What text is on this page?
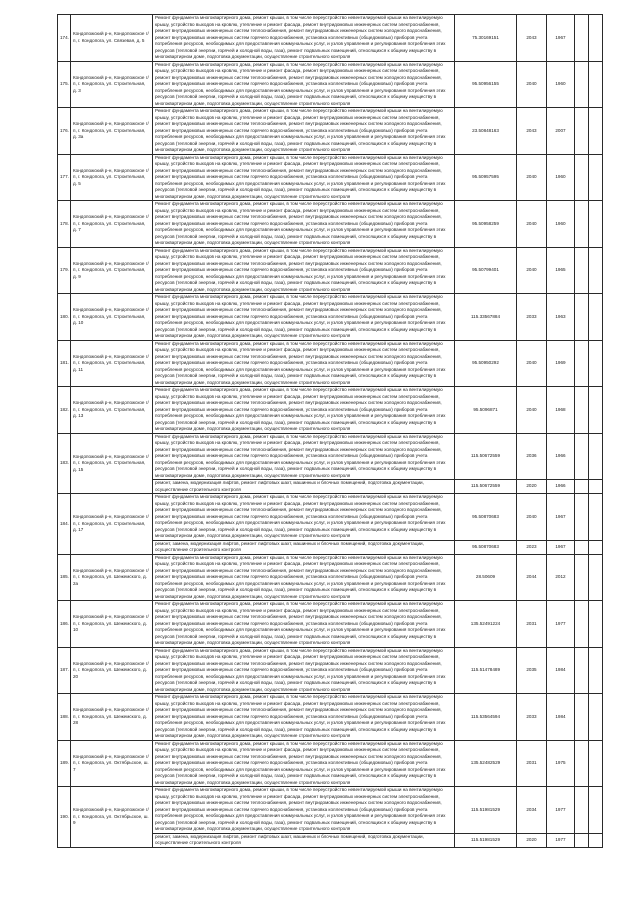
174.	Кондопожский р-н, Кондопожское г/п, г. Кондопога, ул. Связевая, д. 5	Ремонт фундамента многоквартирного дома, ремонт крыши, в том числе переустройство невентилируемой крыши на вентилируемую крышу, устройство выходов на кровлю, утепление и ремонт фасада, ремонт внутридомовых инженерных систем электроснабжения, ремонт внутридомовых инженерных систем теплоснабжения, ремонт внутридомовых инженерных систем холодного водоснабжения, ремонт внутридомовых инженерных систем горячего водоснабжения, установка коллективных (общедомовых) приборов учета потребления ресурсов, необходимых для предоставления коммунальных услуг, и узлов управления и регулирования потребления этих ресурсов (тепловой энергии, горячей и холодной воды, газа), ремонт подвальных помещений, относящихся к общему имуществу в многоквартирном доме, подготовка документации, осуществление строительного контроля	75.30169151	2043	1967		
175.	Кондопожский р-н, Кондопожское г/п, г. Кондопога, ул. Строительная, д. 3	Ремонт фундамента многоквартирного дома, ремонт крыши, в том числе переустройство невентилируемой крыши на вентилируемую крышу, устройство выходов на кровлю, утепление и ремонт фасада, ремонт внутридомовых инженерных систем электроснабжения, ремонт внутридомовых инженерных систем теплоснабжения, ремонт внутридомовых инженерных систем холодного водоснабжения, ремонт внутридомовых инженерных систем горячего водоснабжения, установка коллективных (общедомовых) приборов учета потребления ресурсов, необходимых для предоставления коммунальных услуг, и узлов управления и регулирования потребления этих ресурсов (тепловой энергии, горячей и холодной воды, газа), ремонт подвальных помещений, относящихся к общему имуществу в многоквартирном доме, подготовка документации, осуществление строительного контроля	95.50956155	2040	1960		
176.	Кондопожский р-н, Кондопожское г/п, г. Кондопога, ул. Строительная, д. 3а	Ремонт фундамента многоквартирного дома, ремонт крыши, в том числе переустройство невентилируемой крыши на вентилируемую крышу, устройство выходов на кровлю, утепление и ремонт фасада, ремонт внутридомовых инженерных систем электроснабжения, ремонт внутридомовых инженерных систем теплоснабжения, ремонт внутридомовых инженерных систем холодного водоснабжения, ремонт внутридомовых инженерных систем горячего водоснабжения, установка коллективных (общедомовых) приборов учета потребления ресурсов, необходимых для предоставления коммунальных услуг, и узлов управления и регулирования потребления этих ресурсов (тепловой энергии, горячей и холодной воды, газа), ремонт подвальных помещений, относящихся к общему имуществу в многоквартирном доме, подготовка документации, осуществление строительного контроля	23.50848163	2043	2007		
177.	Кондопожский р-н, Кондопожское г/п, г. Кондопога, ул. Строительная, д. 5	Ремонт фундамента многоквартирного дома, ремонт крыши, в том числе переустройство невентилируемой крыши на вентилируемую крышу, устройство выходов на кровлю, утепление и ремонт фасада, ремонт внутридомовых инженерных систем электроснабжения, ремонт внутридомовых инженерных систем теплоснабжения, ремонт внутридомовых инженерных систем холодного водоснабжения, ремонт внутридомовых инженерных систем горячего водоснабжения, установка коллективных (общедомовых) приборов учета потребления ресурсов, необходимых для предоставления коммунальных услуг, и узлов управления и регулирования потребления этих ресурсов (тепловой энергии, горячей и холодной воды, газа), ремонт подвальных помещений, относящихся к общему имуществу в многоквартирном доме, подготовка документации, осуществление строительного контроля	95.50957595	2040	1960		
178.	Кондопожский р-н, Кондопожское г/п, г. Кондопога, ул. Строительная, д. 7	Ремонт фундамента многоквартирного дома, ремонт крыши, в том числе переустройство невентилируемой крыши на вентилируемую крышу, устройство выходов на кровлю, утепление и ремонт фасада, ремонт внутридомовых инженерных систем электроснабжения, ремонт внутридомовых инженерных систем теплоснабжения, ремонт внутридомовых инженерных систем холодного водоснабжения, ремонт внутридомовых инженерных систем горячего водоснабжения, установка коллективных (общедомовых) приборов учета потребления ресурсов, необходимых для предоставления коммунальных услуг, и узлов управления и регулирования потребления этих ресурсов (тепловой энергии, горячей и холодной воды, газа), ремонт подвальных помещений, относящихся к общему имуществу в многоквартирном доме, подготовка документации, осуществление строительного контроля	95.50958259	2040	1960		
179.	Кондопожский р-н, Кондопожское г/п, г. Кондопога, ул. Строительная, д. 9	Ремонт фундамента многоквартирного дома, ремонт крыши, в том числе переустройство невентилируемой крыши на вентилируемую крышу, устройство выходов на кровлю, утепление и ремонт фасада, ремонт внутридомовых инженерных систем электроснабжения, ремонт внутридомовых инженерных систем теплоснабжения, ремонт внутридомовых инженерных систем холодного водоснабжения, ремонт внутридомовых инженерных систем горячего водоснабжения, установка коллективных (общедомовых) приборов учета потребления ресурсов, необходимых для предоставления коммунальных услуг, и узлов управления и регулирования потребления этих ресурсов (тепловой энергии, горячей и холодной воды, газа), ремонт подвальных помещений, относящихся к общему имуществу в многоквартирном доме, подготовка документации, осуществление строительного контроля	95.50799401	2040	1965		
180.	Кондопожский р-н, Кондопожское г/п, г. Кондопога, ул. Строительная, д. 10	Ремонт фундамента многоквартирного дома, ремонт крыши, в том числе переустройство невентилируемой крыши на вентилируемую крышу, устройство выходов на кровлю, утепление и ремонт фасада, ремонт внутридомовых инженерных систем электроснабжения, ремонт внутридомовых инженерных систем теплоснабжения, ремонт внутридомовых инженерных систем холодного водоснабжения, ремонт внутридомовых инженерных систем горячего водоснабжения, установка коллективных (общедомовых) приборов учета потребления ресурсов, необходимых для предоставления коммунальных услуг, и узлов управления и регулирования потребления этих ресурсов (тепловой энергии, горячей и холодной воды, газа), ремонт подвальных помещений, относящихся к общему имуществу в многоквартирном доме, подготовка документации, осуществление строительного контроля	115.33567884	2033	1963		
181.	Кондопожский р-н, Кондопожское г/п, г. Кондопога, ул. Строительная, д. 11	Ремонт фундамента многоквартирного дома, ремонт крыши, в том числе переустройство невентилируемой крыши на вентилируемую крышу, устройство выходов на кровлю, утепление и ремонт фасада, ремонт внутридомовых инженерных систем электроснабжения, ремонт внутридомовых инженерных систем теплоснабжения, ремонт внутридомовых инженерных систем холодного водоснабжения, ремонт внутридомовых инженерных систем горячего водоснабжения, установка коллективных (общедомовых) приборов учета потребления ресурсов, необходимых для предоставления коммунальных услуг, и узлов управления и регулирования потребления этих ресурсов (тепловой энергии, горячей и холодной воды, газа), ремонт подвальных помещений, относящихся к общему имуществу в многоквартирном доме, подготовка документации, осуществление строительного контроля	95.50950292	2040	1969		
182.	Кондопожский р-н, Кондопожское г/п, г. Кондопога, ул. Строительная, д. 13	Ремонт фундамента многоквартирного дома, ремонт крыши, в том числе переустройство невентилируемой крыши на вентилируемую крышу, устройство выходов на кровлю, утепление и ремонт фасада, ремонт внутридомовых инженерных систем электроснабжения, ремонт внутридомовых инженерных систем теплоснабжения, ремонт внутридомовых инженерных систем холодного водоснабжения, ремонт внутридомовых инженерных систем горячего водоснабжения, установка коллективных (общедомовых) приборов учета потребления ресурсов, необходимых для предоставления коммунальных услуг, и узлов управления и регулирования потребления этих ресурсов (тепловой энергии, горячей и холодной воды, газа), ремонт подвальных помещений, относящихся к общему имуществу в многоквартирном доме, подготовка документации, осуществление строительного контроля	95.5096871	2040	1968		
183.	Кондопожский р-н, Кондопожское г/п, г. Кондопога, ул. Строительная, д. 15	Ремонт фундамента многоквартирного дома, ремонт крыши, в том числе переустройство невентилируемой крыши на вентилируемую крышу, устройство выходов на кровлю, утепление и ремонт фасада, ремонт внутридомовых инженерных систем электроснабжения, ремонт внутридомовых инженерных систем теплоснабжения, ремонт внутридомовых инженерных систем холодного водоснабжения, ремонт внутридомовых инженерных систем горячего водоснабжения, установка коллективных (общедомовых) приборов учета потребления ресурсов, необходимых для предоставления коммунальных услуг, и узлов управления и регулирования потребления этих ресурсов (тепловой энергии, горячей и холодной воды, газа), ремонт подвальных помещений, относящихся к общему имуществу в многоквартирном доме, подготовка документации, осуществление строительного контроля	115.50672559	2036	1966		
		ремонт, замена, модернизация лифтов, ремонт лифтовых шахт, машинных и блочных помещений, подготовка документации, осуществление строительного контроля	115.50672559	2020	1966		
184.	Кондопожский р-н, Кондопожское г/п, г. Кондопога, ул. Строительная, д. 17	Ремонт фундамента многоквартирного дома, ремонт крыши, в том числе переустройство невентилируемой крыши на вентилируемую крышу, устройство выходов на кровлю, утепление и ремонт фасада, ремонт внутридомовых инженерных систем электроснабжения, ремонт внутридомовых инженерных систем теплоснабжения, ремонт внутридомовых инженерных систем холодного водоснабжения, ремонт внутридомовых инженерных систем горячего водоснабжения, установка коллективных (общедомовых) приборов учета потребления ресурсов, необходимых для предоставления коммунальных услуг, и узлов управления и регулирования потребления этих ресурсов (тепловой энергии, горячей и холодной воды, газа), ремонт подвальных помещений, относящихся к общему имуществу в многоквартирном доме, подготовка документации, осуществление строительного контроля	95.50870683	2040	1967		
		ремонт, замена, модернизация лифтов, ремонт лифтовых шахт, машинных и блочных помещений, подготовка документации, осуществление строительного контроля	95.50870683	2023	1967		
185.	Кондопожский р-н, Кондопожское г/п, г. Кондопога, ул. Шежемского, д. 2а	Ремонт фундамента многоквартирного дома, ремонт крыши, в том числе переустройство невентилируемой крыши на вентилируемую крышу, устройство выходов на кровлю, утепление и ремонт фасада, ремонт внутридомовых инженерных систем электроснабжения, ремонт внутридомовых инженерных систем теплоснабжения, ремонт внутридомовых инженерных систем холодного водоснабжения, ремонт внутридомовых инженерных систем горячего водоснабжения, установка коллективных (общедомовых) приборов учета потребления ресурсов, необходимых для предоставления коммунальных услуг, и узлов управления и регулирования потребления этих ресурсов (тепловой энергии, горячей и холодной воды, газа), ремонт подвальных помещений, относящихся к общему имуществу в многоквартирном доме, подготовка документации, осуществление строительного контроля	28.50609	2044	2012		
186.	Кондопожский р-н, Кондопожское г/п, г. Кондопога, ул. Шежемского, д. 10	Ремонт фундамента многоквартирного дома, ремонт крыши, в том числе переустройство невентилируемой крыши на вентилируемую крышу, устройство выходов на кровлю, утепление и ремонт фасада, ремонт внутридомовых инженерных систем электроснабжения, ремонт внутридомовых инженерных систем теплоснабжения, ремонт внутридомовых инженерных систем холодного водоснабжения, ремонт внутридомовых инженерных систем горячего водоснабжения, установка коллективных (общедомовых) приборов учета потребления ресурсов, необходимых для предоставления коммунальных услуг, и узлов управления и регулирования потребления этих ресурсов (тепловой энергии, горячей и холодной воды, газа), ремонт подвальных помещений, относящихся к общему имуществу в многоквартирном доме, подготовка документации, осуществление строительного контроля	135.52491224	2031	1977		
187.	Кондопожский р-н, Кондопожское г/п, г. Кондопога, ул. Шежемского, д. 20	Ремонт фундамента многоквартирного дома, ремонт крыши, в том числе переустройство невентилируемой крыши на вентилируемую крышу, устройство выходов на кровлю, утепление и ремонт фасада, ремонт внутридомовых инженерных систем электроснабжения, ремонт внутридомовых инженерных систем теплоснабжения, ремонт внутридомовых инженерных систем холодного водоснабжения, ремонт внутридомовых инженерных систем горячего водоснабжения, установка коллективных (общедомовых) приборов учета потребления ресурсов, необходимых для предоставления коммунальных услуг, и узлов управления и регулирования потребления этих ресурсов (тепловой энергии, горячей и холодной воды, газа), ремонт подвальных помещений, относящихся к общему имуществу в многоквартирном доме, подготовка документации, осуществление строительного контроля	115.51478489	2035	1984		
188.	Кондопожский р-н, Кондопожское г/п, г. Кондопога, ул. Шежемского, д. 28	Ремонт фундамента многоквартирного дома, ремонт крыши, в том числе переустройство невентилируемой крыши на вентилируемую крышу, устройство выходов на кровлю, утепление и ремонт фасада, ремонт внутридомовых инженерных систем электроснабжения, ремонт внутридомовых инженерных систем теплоснабжения, ремонт внутридомовых инженерных систем холодного водоснабжения, ремонт внутридомовых инженерных систем горячего водоснабжения, установка коллективных (общедомовых) приборов учета потребления ресурсов, необходимых для предоставления коммунальных услуг, и узлов управления и регулирования потребления этих ресурсов (тепловой энергии, горячей и холодной воды, газа), ремонт подвальных помещений, относящихся к общему имуществу в многоквартирном доме, подготовка документации, осуществление строительного контроля	115.53564594	2033	1984		
189.	Кондопожский р-н, Кондопожское г/п, г. Кондопога, ул. Октябрьское, ш. 7	Ремонт фундамента многоквартирного дома, ремонт крыши, в том числе переустройство невентилируемой крыши на вентилируемую крышу, устройство выходов на кровлю, утепление и ремонт фасада, ремонт внутридомовых инженерных систем электроснабжения, ремонт внутридомовых инженерных систем теплоснабжения, ремонт внутридомовых инженерных систем холодного водоснабжения, ремонт внутридомовых инженерных систем горячего водоснабжения, установка коллективных (общедомовых) приборов учета потребления ресурсов, необходимых для предоставления коммунальных услуг, и узлов управления и регулирования потребления этих ресурсов (тепловой энергии, горячей и холодной воды, газа), ремонт подвальных помещений, относящихся к общему имуществу в многоквартирном доме, подготовка документации, осуществление строительного контроля	135.52482529	2031	1975		
190.	Кондопожский р-н, Кондопожское г/п, г. Кондопога, ул. Октябрьское, ш. 9	Ремонт фундамента многоквартирного дома, ремонт крыши, в том числе переустройство невентилируемой крыши на вентилируемую крышу, устройство выходов на кровлю, утепление и ремонт фасада, ремонт внутридомовых инженерных систем электроснабжения, ремонт внутридомовых инженерных систем теплоснабжения, ремонт внутридомовых инженерных систем холодного водоснабжения, ремонт внутридомовых инженерных систем горячего водоснабжения, установка коллективных (общедомовых) приборов учета потребления ресурсов, необходимых для предоставления коммунальных услуг, и узлов управления и регулирования потребления этих ресурсов (тепловой энергии, горячей и холодной воды, газа), ремонт подвальных помещений, относящихся к общему имуществу в многоквартирном доме, подготовка документации, осуществление строительного контроля	115.51981529	2034	1977		
		ремонт, замена, модернизация лифтов, ремонт лифтовых шахт, машинных и блочных помещений, подготовка документации, осуществление строительного контроля	115.51981529	2020	1977		
